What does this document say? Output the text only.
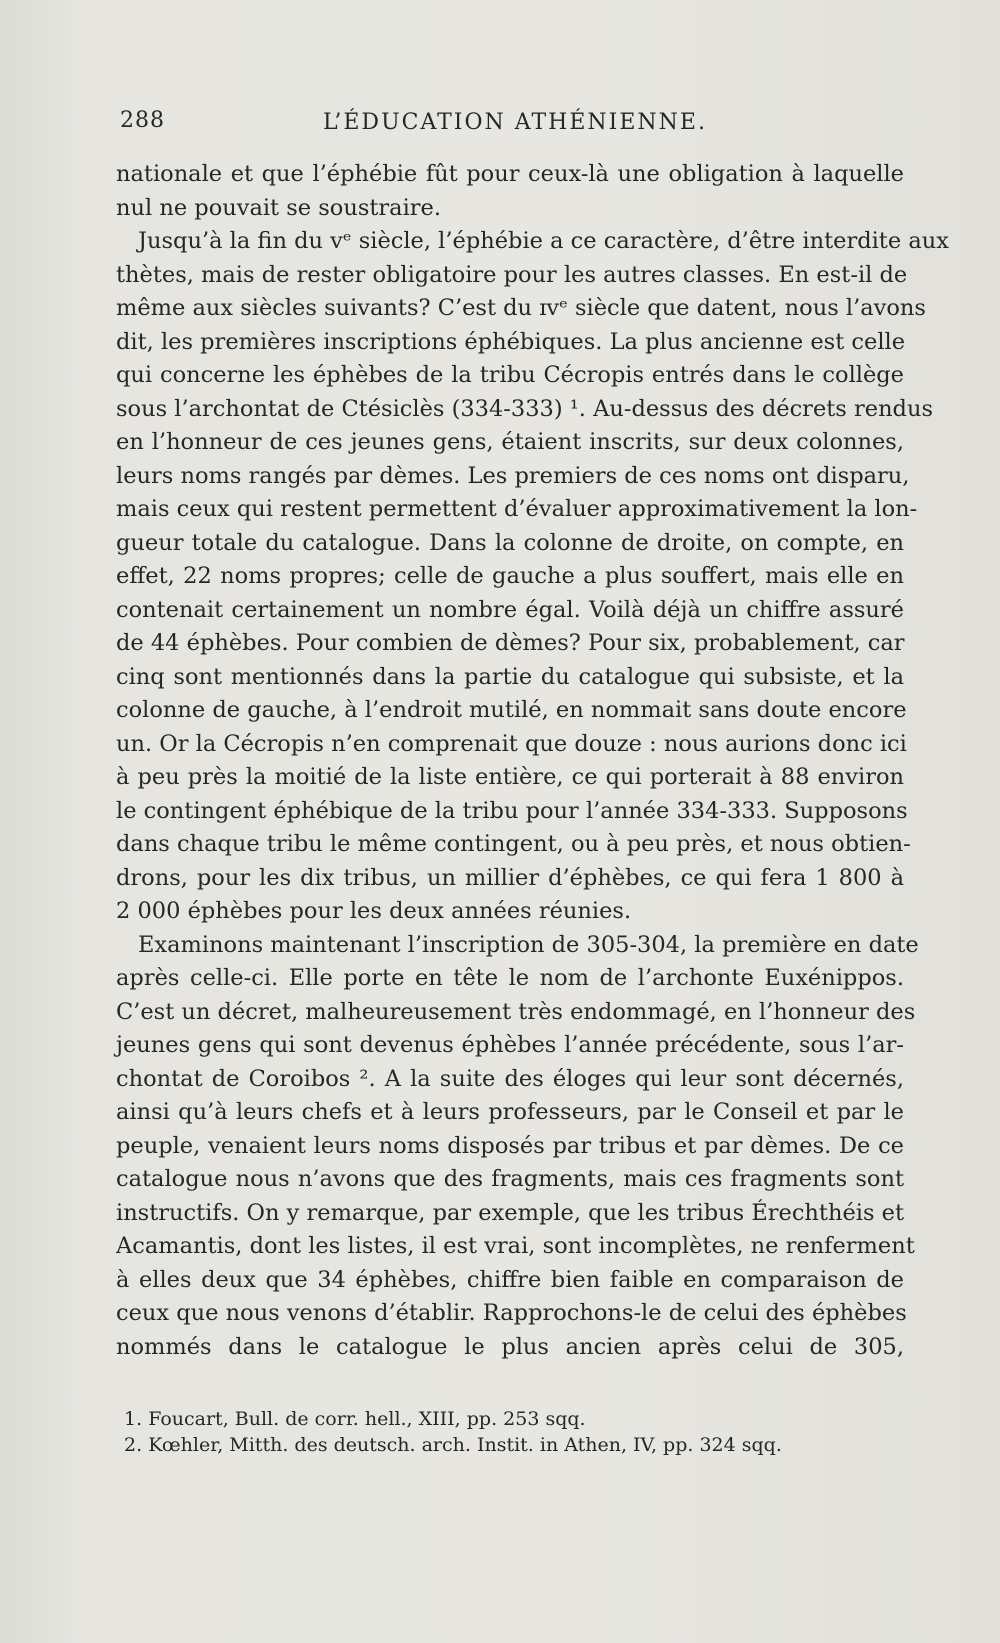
288	L’ÉDUCATION ATHÉNIENNE.
nationale et que l’éphébie fût pour ceux-là une obligation à laquelle
nul ne pouvait se soustraire.
Jusqu’à la fin du vᵉ siècle, l’éphébie a ce caractère, d’être interdite aux
thètes, mais de rester obligatoire pour les autres classes. En est-il de
même aux siècles suivants? C’est du ɪvᵉ siècle que datent, nous l’avons
dit, les premières inscriptions éphébiques. La plus ancienne est celle
qui concerne les éphèbes de la tribu Cécropis entrés dans le collège
sous l’archontat de Ctésiclès (334-333) ¹. Au-dessus des décrets rendus
en l’honneur de ces jeunes gens, étaient inscrits, sur deux colonnes,
leurs noms rangés par dèmes. Les premiers de ces noms ont disparu,
mais ceux qui restent permettent d’évaluer approximativement la lon-
gueur totale du catalogue. Dans la colonne de droite, on compte, en
effet, 22 noms propres; celle de gauche a plus souffert, mais elle en
contenait certainement un nombre égal. Voilà déjà un chiffre assuré
de 44 éphèbes. Pour combien de dèmes? Pour six, probablement, car
cinq sont mentionnés dans la partie du catalogue qui subsiste, et la
colonne de gauche, à l’endroit mutilé, en nommait sans doute encore
un. Or la Cécropis n’en comprenait que douze : nous aurions donc ici
à peu près la moitié de la liste entière, ce qui porterait à 88 environ
le contingent éphébique de la tribu pour l’année 334-333. Supposons
dans chaque tribu le même contingent, ou à peu près, et nous obtien-
drons, pour les dix tribus, un millier d’éphèbes, ce qui fera 1 800 à
2 000 éphèbes pour les deux années réunies.
Examinons maintenant l’inscription de 305-304, la première en date
après celle-ci. Elle porte en tête le nom de l’archonte Euxénippos.
C’est un décret, malheureusement très endommagé, en l’honneur des
jeunes gens qui sont devenus éphèbes l’année précédente, sous l’ar-
chontat de Coroibos ². A la suite des éloges qui leur sont décernés,
ainsi qu’à leurs chefs et à leurs professeurs, par le Conseil et par le
peuple, venaient leurs noms disposés par tribus et par dèmes. De ce
catalogue nous n’avons que des fragments, mais ces fragments sont
instructifs. On y remarque, par exemple, que les tribus Érechthéis et
Acamantis, dont les listes, il est vrai, sont incomplètes, ne renferment
à elles deux que 34 éphèbes, chiffre bien faible en comparaison de
ceux que nous venons d’établir. Rapprochons-le de celui des éphèbes
nommés dans le catalogue le plus ancien après celui de 305,
1. Foucart, Bull. de corr. hell., XIII, pp. 253 sqq.
2. Kœhler, Mitth. des deutsch. arch. Instit. in Athen, IV, pp. 324 sqq.
